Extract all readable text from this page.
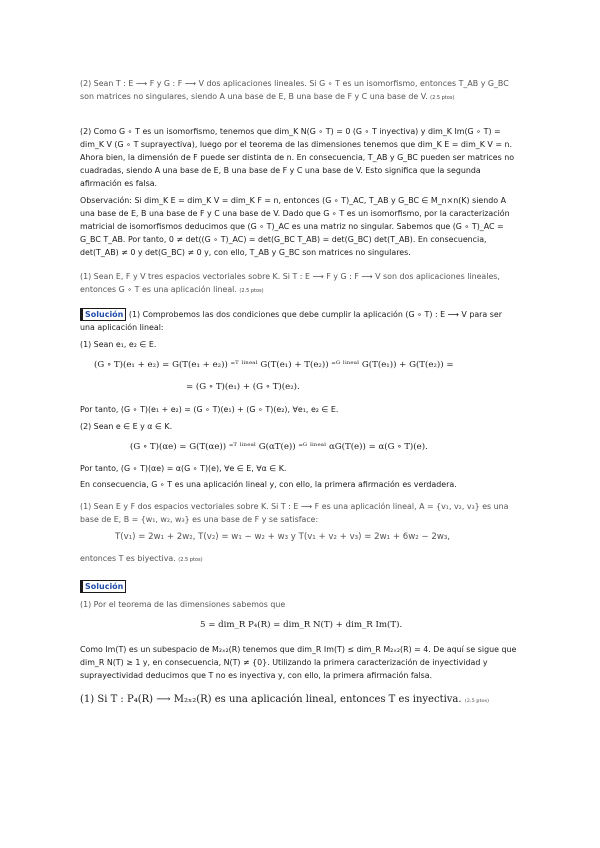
(2) Sean T : E ⟶ F y G : F ⟶ V dos aplicaciones lineales. Si G ∘ T es un isomorfismo, entonces T_AB y G_BC son matrices no singulares, siendo A una base de E, B una base de F y C una base de V. (2.5 ptos)
(2) Como G ∘ T es un isomorfismo, tenemos que dim_K N(G ∘ T) = 0 (G ∘ T inyectiva) y dim_K Im(G ∘ T) = dim_K V (G ∘ T suprayectiva), luego por el teorema de las dimensiones tenemos que dim_K E = dim_K V = n. Ahora bien, la dimensión de F puede ser distinta de n. En consecuencia, T_AB y G_BC pueden ser matrices no cuadradas, siendo A una base de E, B una base de F y C una base de V. Esto significa que la segunda afirmación es falsa.
Observación: Si dim_K E = dim_K V = dim_K F = n, entonces (G ∘ T)_AC, T_AB y G_BC ∈ M_n×n(K) siendo A una base de E, B una base de F y C una base de V. Dado que G ∘ T es un isomorfismo, por la caracterización matricial de isomorfismos deducimos que (G ∘ T)_AC es una matriz no singular. Sabemos que (G ∘ T)_AC = G_BC T_AB. Por tanto, 0 ≠ det((G ∘ T)_AC) = det(G_BC T_AB) = det(G_BC) det(T_AB). En consecuencia, det(T_AB) ≠ 0 y det(G_BC) ≠ 0 y, con ello, T_AB y G_BC son matrices no singulares.
(1) Sean E, F y V tres espacios vectoriales sobre K. Si T : E ⟶ F y G : F ⟶ V son dos aplicaciones lineales, entonces G ∘ T es una aplicación lineal. (2.5 ptos)
Solución (1) Comprobemos las dos condiciones que debe cumplir la aplicación (G ∘ T) : E ⟶ V para ser una aplicación lineal:
(1) Sean e₁, e₂ ∈ E.
(G ∘ T)(e₁ + e₂) = G(T(e₁ + e₂)) ⁼ᵀ ˡⁱⁿᵉᵃˡ G(T(e₁) + T(e₂)) ⁼ᴳ ˡⁱⁿᵉᵃˡ G(T(e₁)) + G(T(e₂)) =
= (G ∘ T)(e₁) + (G ∘ T)(e₂).
Por tanto, (G ∘ T)(e₁ + e₂) = (G ∘ T)(e₁) + (G ∘ T)(e₂), ∀e₁, e₂ ∈ E.
(2) Sean e ∈ E y α ∈ K.
(G ∘ T)(αe) = G(T(αe)) ⁼ᵀ ˡⁱⁿᵉᵃˡ G(αT(e)) ⁼ᴳ ˡⁱⁿᵉᵃˡ αG(T(e)) = α(G ∘ T)(e).
Por tanto, (G ∘ T)(αe) = α(G ∘ T)(e), ∀e ∈ E, ∀α ∈ K.
En consecuencia, G ∘ T es una aplicación lineal y, con ello, la primera afirmación es verdadera.
(1) Sean E y F dos espacios vectoriales sobre K. Si T : E ⟶ F es una aplicación lineal, A = {v₁, v₂, v₃} es una base de E, B = {w₁, w₂, w₃} es una base de F y se satisface:
T(v₁) = 2w₁ + 2w₂, T(v₂) = w₁ − w₂ + w₃ y T(v₁ + v₂ + v₃) = 2w₁ + 6w₂ − 2w₃,
entonces T es biyectiva. (2.5 ptos)
Solución
(1) Por el teorema de las dimensiones sabemos que
5 = dim_R P₄(R) = dim_R N(T) + dim_R Im(T).
Como Im(T) es un subespacio de M₂ₓ₂(R) tenemos que dim_R Im(T) ≤ dim_R M₂ₓ₂(R) = 4. De aquí se sigue que dim_R N(T) ≥ 1 y, en consecuencia, N(T) ≠ {0}. Utilizando la primera caracterización de inyectividad y suprayectividad deducimos que T no es inyectiva y, con ello, la primera afirmación falsa.
(1) Si T : P₄(R) ⟶ M₂ₓ₂(R) es una aplicación lineal, entonces T es inyectiva. (2.5 ptos)
